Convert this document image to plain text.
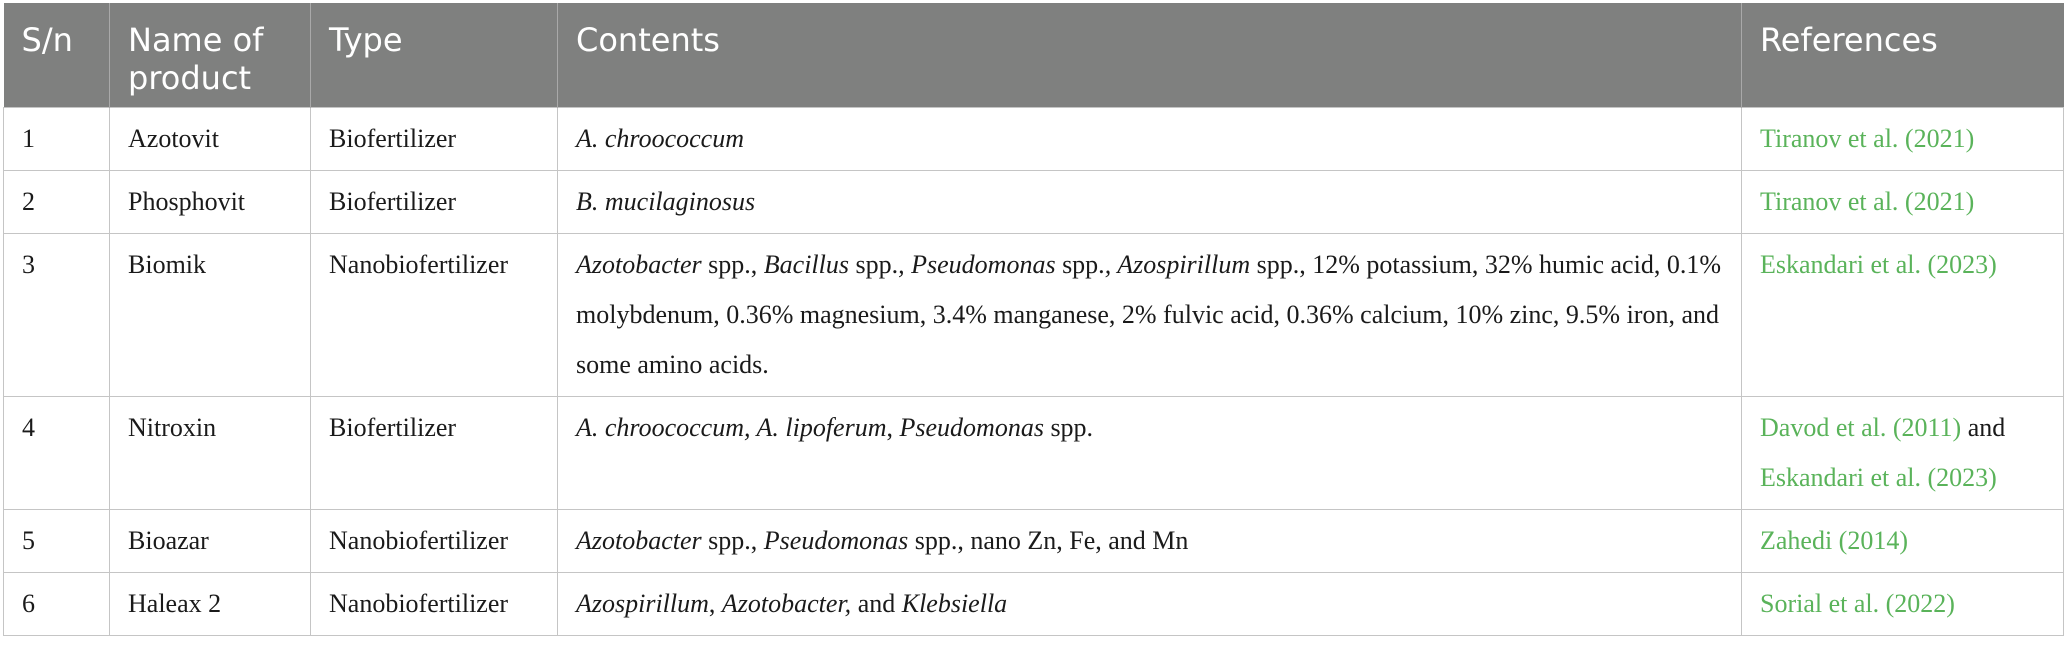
S/n	Name of product	Type	Contents	References
1	Azotovit	Biofertilizer	A. chroococcum	Tiranov et al. (2021)
2	Phosphovit	Biofertilizer	B. mucilaginosus	Tiranov et al. (2021)
3	Biomik	Nanobiofertilizer	Azotobacter spp., Bacillus spp., Pseudomonas spp., Azospirillum spp., 12% potassium, 32% humic acid, 0.1% molybdenum, 0.36% magnesium, 3.4% manganese, 2% fulvic acid, 0.36% calcium, 10% zinc, 9.5% iron, and some amino acids.	Eskandari et al. (2023)
4	Nitroxin	Biofertilizer	A. chroococcum, A. lipoferum, Pseudomonas spp.	Davod et al. (2011) and Eskandari et al. (2023)
5	Bioazar	Nanobiofertilizer	Azotobacter spp., Pseudomonas spp., nano Zn, Fe, and Mn	Zahedi (2014)
6	Haleax 2	Nanobiofertilizer	Azospirillum, Azotobacter, and Klebsiella	Sorial et al. (2022)
